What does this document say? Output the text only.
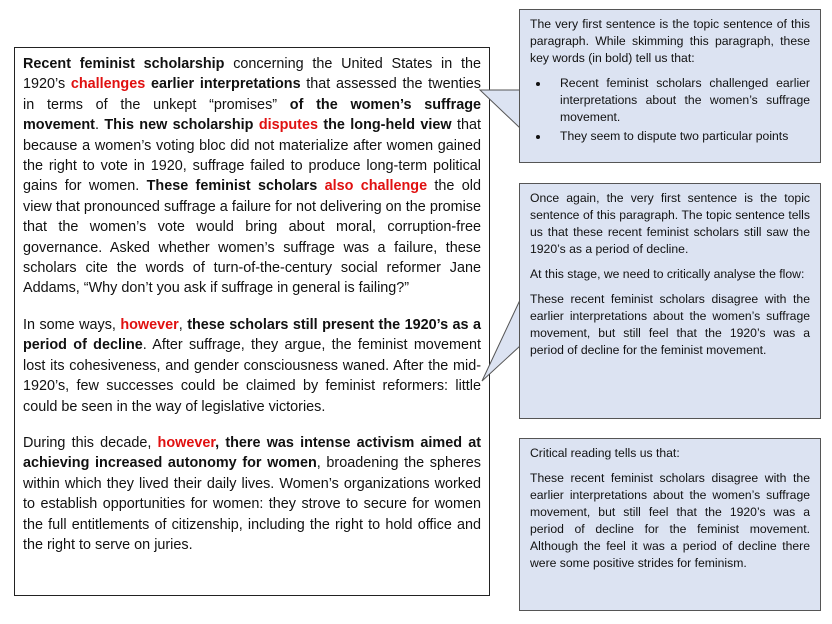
Recent feminist scholarship concerning the United States in the 1920’s challenges earlier interpretations that assessed the twenties in terms of the unkept “promises” of the women’s suffrage movement. This new scholarship disputes the long-held view that because a women’s voting bloc did not materialize after women gained the right to vote in 1920, suffrage failed to produce long-term political gains for women. These feminist scholars also challenge the old view that pronounced suffrage a failure for not delivering on the promise that the women’s vote would bring about moral, corruption-free governance. Asked whether women’s suffrage was a failure, these scholars cite the words of turn-of-the-century social reformer Jane Addams, “Why don’t you ask if suffrage in general is failing?”

In some ways, however, these scholars still present the 1920’s as a period of decline. After suffrage, they argue, the feminist movement lost its cohesiveness, and gender consciousness waned. After the mid-1920’s, few successes could be claimed by feminist reformers: little could be seen in the way of legislative victories.

During this decade, however, there was intense activism aimed at achieving increased autonomy for women, broadening the spheres within which they lived their daily lives. Women’s organizations worked to establish opportunities for women: they strove to secure for women the full entitlements of citizenship, including the right to hold office and the right to serve on juries.

The very first sentence is the topic sentence of this paragraph. While skimming this paragraph, these key words (in bold) tell us that:

• Recent feminist scholars challenged earlier interpretations about the women’s suffrage movement.
• They seem to dispute two particular points

Once again, the very first sentence is the topic sentence of this paragraph. The topic sentence tells us that these recent feminist scholars still saw the 1920’s as a period of decline.

At this stage, we need to critically analyse the flow:

These recent feminist scholars disagree with the earlier interpretations about the women’s suffrage movement, but still feel that the 1920’s was a period of decline for the feminist movement.

Critical reading tells us that:

These recent feminist scholars disagree with the earlier interpretations about the women’s suffrage movement, but still feel that the 1920’s was a period of decline for the feminist movement. Although the feel it was a period of decline there were some positive strides for feminism.
